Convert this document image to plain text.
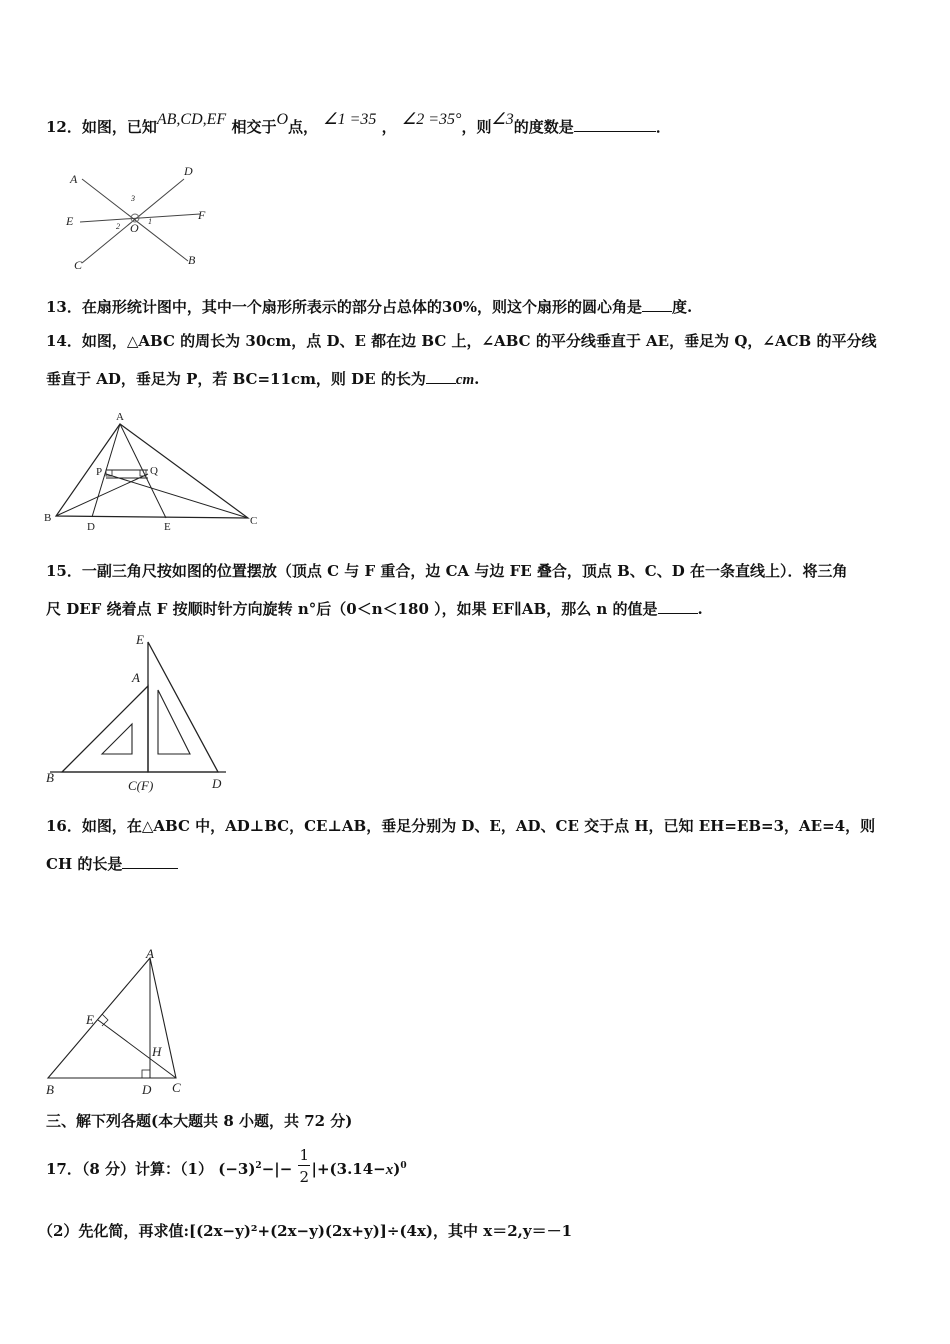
12．如图，已知AB,CD,EF 相交于O点， ∠1 =35 ， ∠2 =35°，则∠3的度数是	．
A
D
E	F
C	B
O
3
2
1
13．在扇形统计图中，其中一个扇形所表示的部分占总体的30%，则这个扇形的圆心角是 度.
14．如图，△ABC 的周长为 30cm，点 D、E 都在边 BC 上，∠ABC 的平分线垂直于 AE，垂足为 Q，∠ACB 的平分线
垂直于 AD，垂足为 P，若 BC=11cm，则 DE 的长为 cm.
A
B	C
D	E
P	Q
15．一副三角尺按如图的位置摆放（顶点 C 与 F 重合，边 CA 与边 FE 叠合，顶点 B、C、D 在一条直线上）．将三角
尺 DEF 绕着点 F 按顺时针方向旋转 n°后（0＜n＜180 ），如果 EF∥AB，那么 n 的值是	.
E
A
B
C(F)	D
16．如图，在△ABC 中，AD⊥BC，CE⊥AB，垂足分别为 D、E，AD、CE 交于点 H，已知 EH=EB=3，AE=4，则
CH 的长是
A
E
H
B	D C
三、解下列各题(本大题共 8 小题，共 72 分)
17．（8 分）计算：（1） $(-3)^2-|- \frac{1}{2} |+(3.14-x)^0$
（2）先化简，再求值:[(2x−y)²+(2x−y)(2x+y)]÷(4x)，其中 x＝2,y＝－1
